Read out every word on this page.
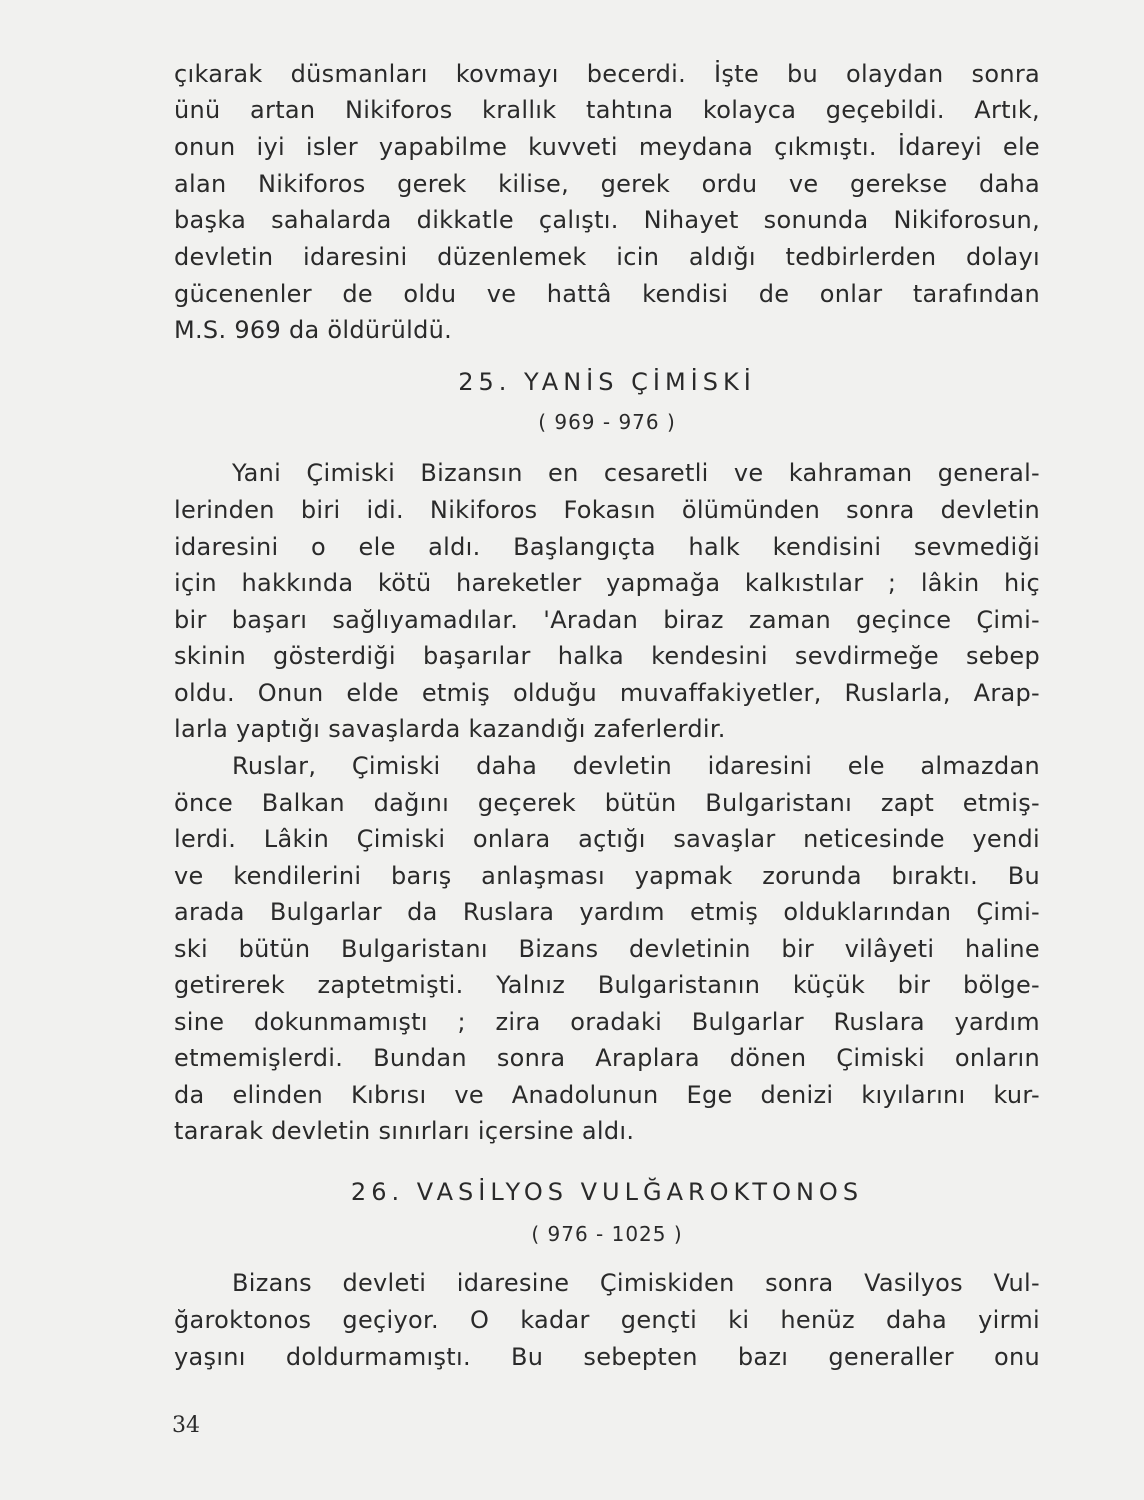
çıkarak düsmanları kovmayı becerdi. İşte bu olaydan sonra
ünü artan Nikiforos krallık tahtına kolayca geçebildi. Artık,
onun iyi isler yapabilme kuvveti meydana çıkmıştı. İdareyi ele
alan Nikiforos gerek kilise, gerek ordu ve gerekse daha
başka sahalarda dikkatle çalıştı. Nihayet sonunda Nikiforosun,
devletin idaresini düzenlemek icin aldığı tedbirlerden dolayı
gücenenler de oldu ve hattâ kendisi de onlar tarafından
M.S. 969 da öldürüldü.
25. YANİS ÇİMİSKİ
( 969 - 976 )
Yani Çimiski Bizansın en cesaretli ve kahraman general-
lerinden biri idi. Nikiforos Fokasın ölümünden sonra devletin
idaresini o ele aldı. Başlangıçta halk kendisini sevmediği
için hakkında kötü hareketler yapmağa kalkıstılar ; lâkin hiç
bir başarı sağlıyamadılar. 'Aradan biraz zaman geçince Çimi-
skinin gösterdiği başarılar halka kendesini sevdirmeğe sebep
oldu. Onun elde etmiş olduğu muvaffakiyetler, Ruslarla, Arap-
larla yaptığı savaşlarda kazandığı zaferlerdir.
Ruslar, Çimiski daha devletin idaresini ele almazdan
önce Balkan dağını geçerek bütün Bulgaristanı zapt etmiş-
lerdi. Lâkin Çimiski onlara açtığı savaşlar neticesinde yendi
ve kendilerini barış anlaşması yapmak zorunda bıraktı. Bu
arada Bulgarlar da Ruslara yardım etmiş olduklarından Çimi-
ski bütün Bulgaristanı Bizans devletinin bir vilâyeti haline
getirerek zaptetmişti. Yalnız Bulgaristanın küçük bir bölge-
sine dokunmamıştı ; zira oradaki Bulgarlar Ruslara yardım
etmemişlerdi. Bundan sonra Araplara dönen Çimiski onların
da elinden Kıbrısı ve Anadolunun Ege denizi kıyılarını kur-
tararak devletin sınırları içersine aldı.
26. VASİLYOS VULĞAROKTONOS
( 976 - 1025 )
Bizans devleti idaresine Çimiskiden sonra Vasilyos Vul-
ğaroktonos geçiyor. O kadar gençti ki henüz daha yirmi
yaşını doldurmamıştı. Bu sebepten bazı generaller onu
34
